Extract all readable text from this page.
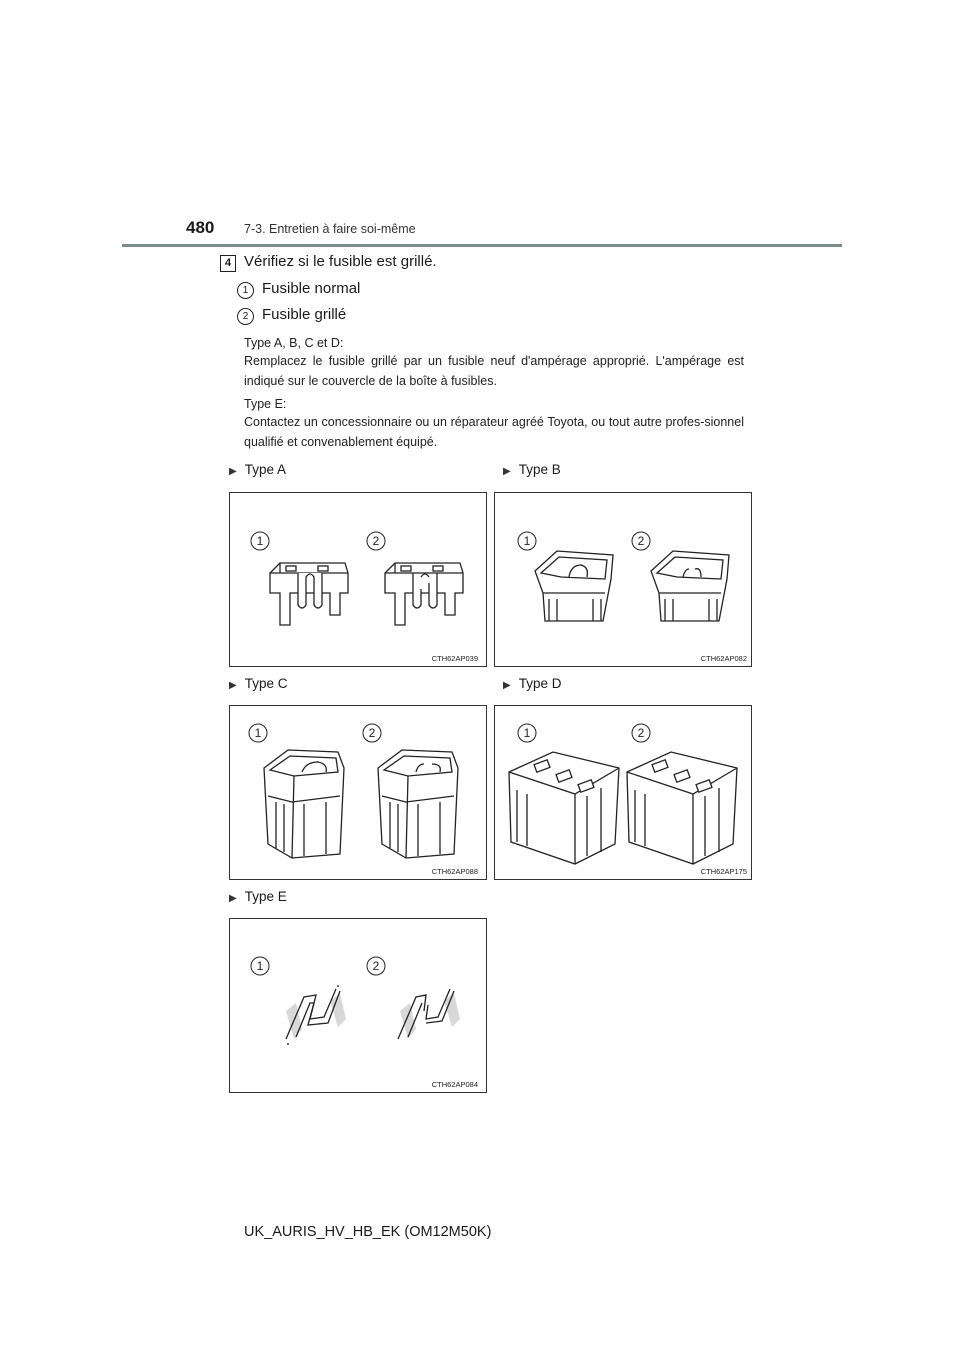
480 7-3. Entretien à faire soi-même
4 Vérifiez si le fusible est grillé.
1 Fusible normal
2 Fusible grillé
Type A, B, C et D:
Remplacez le fusible grillé par un fusible neuf d'ampérage approprié. L'ampérage est indiqué sur le couvercle de la boîte à fusibles.
Type E:
Contactez un concessionnaire ou un réparateur agréé Toyota, ou tout autre profes-sionnel qualifié et convenablement équipé.
▶ Type A	▶ Type B
▶ Type C	▶ Type D
▶ Type E
1	2
CTH62AP039
1	2
CTH62AP082
1	2
CTH62AP088
1	2
CTH62AP175
1	2
CTH62AP084
UK_AURIS_HV_HB_EK (OM12M50K)
